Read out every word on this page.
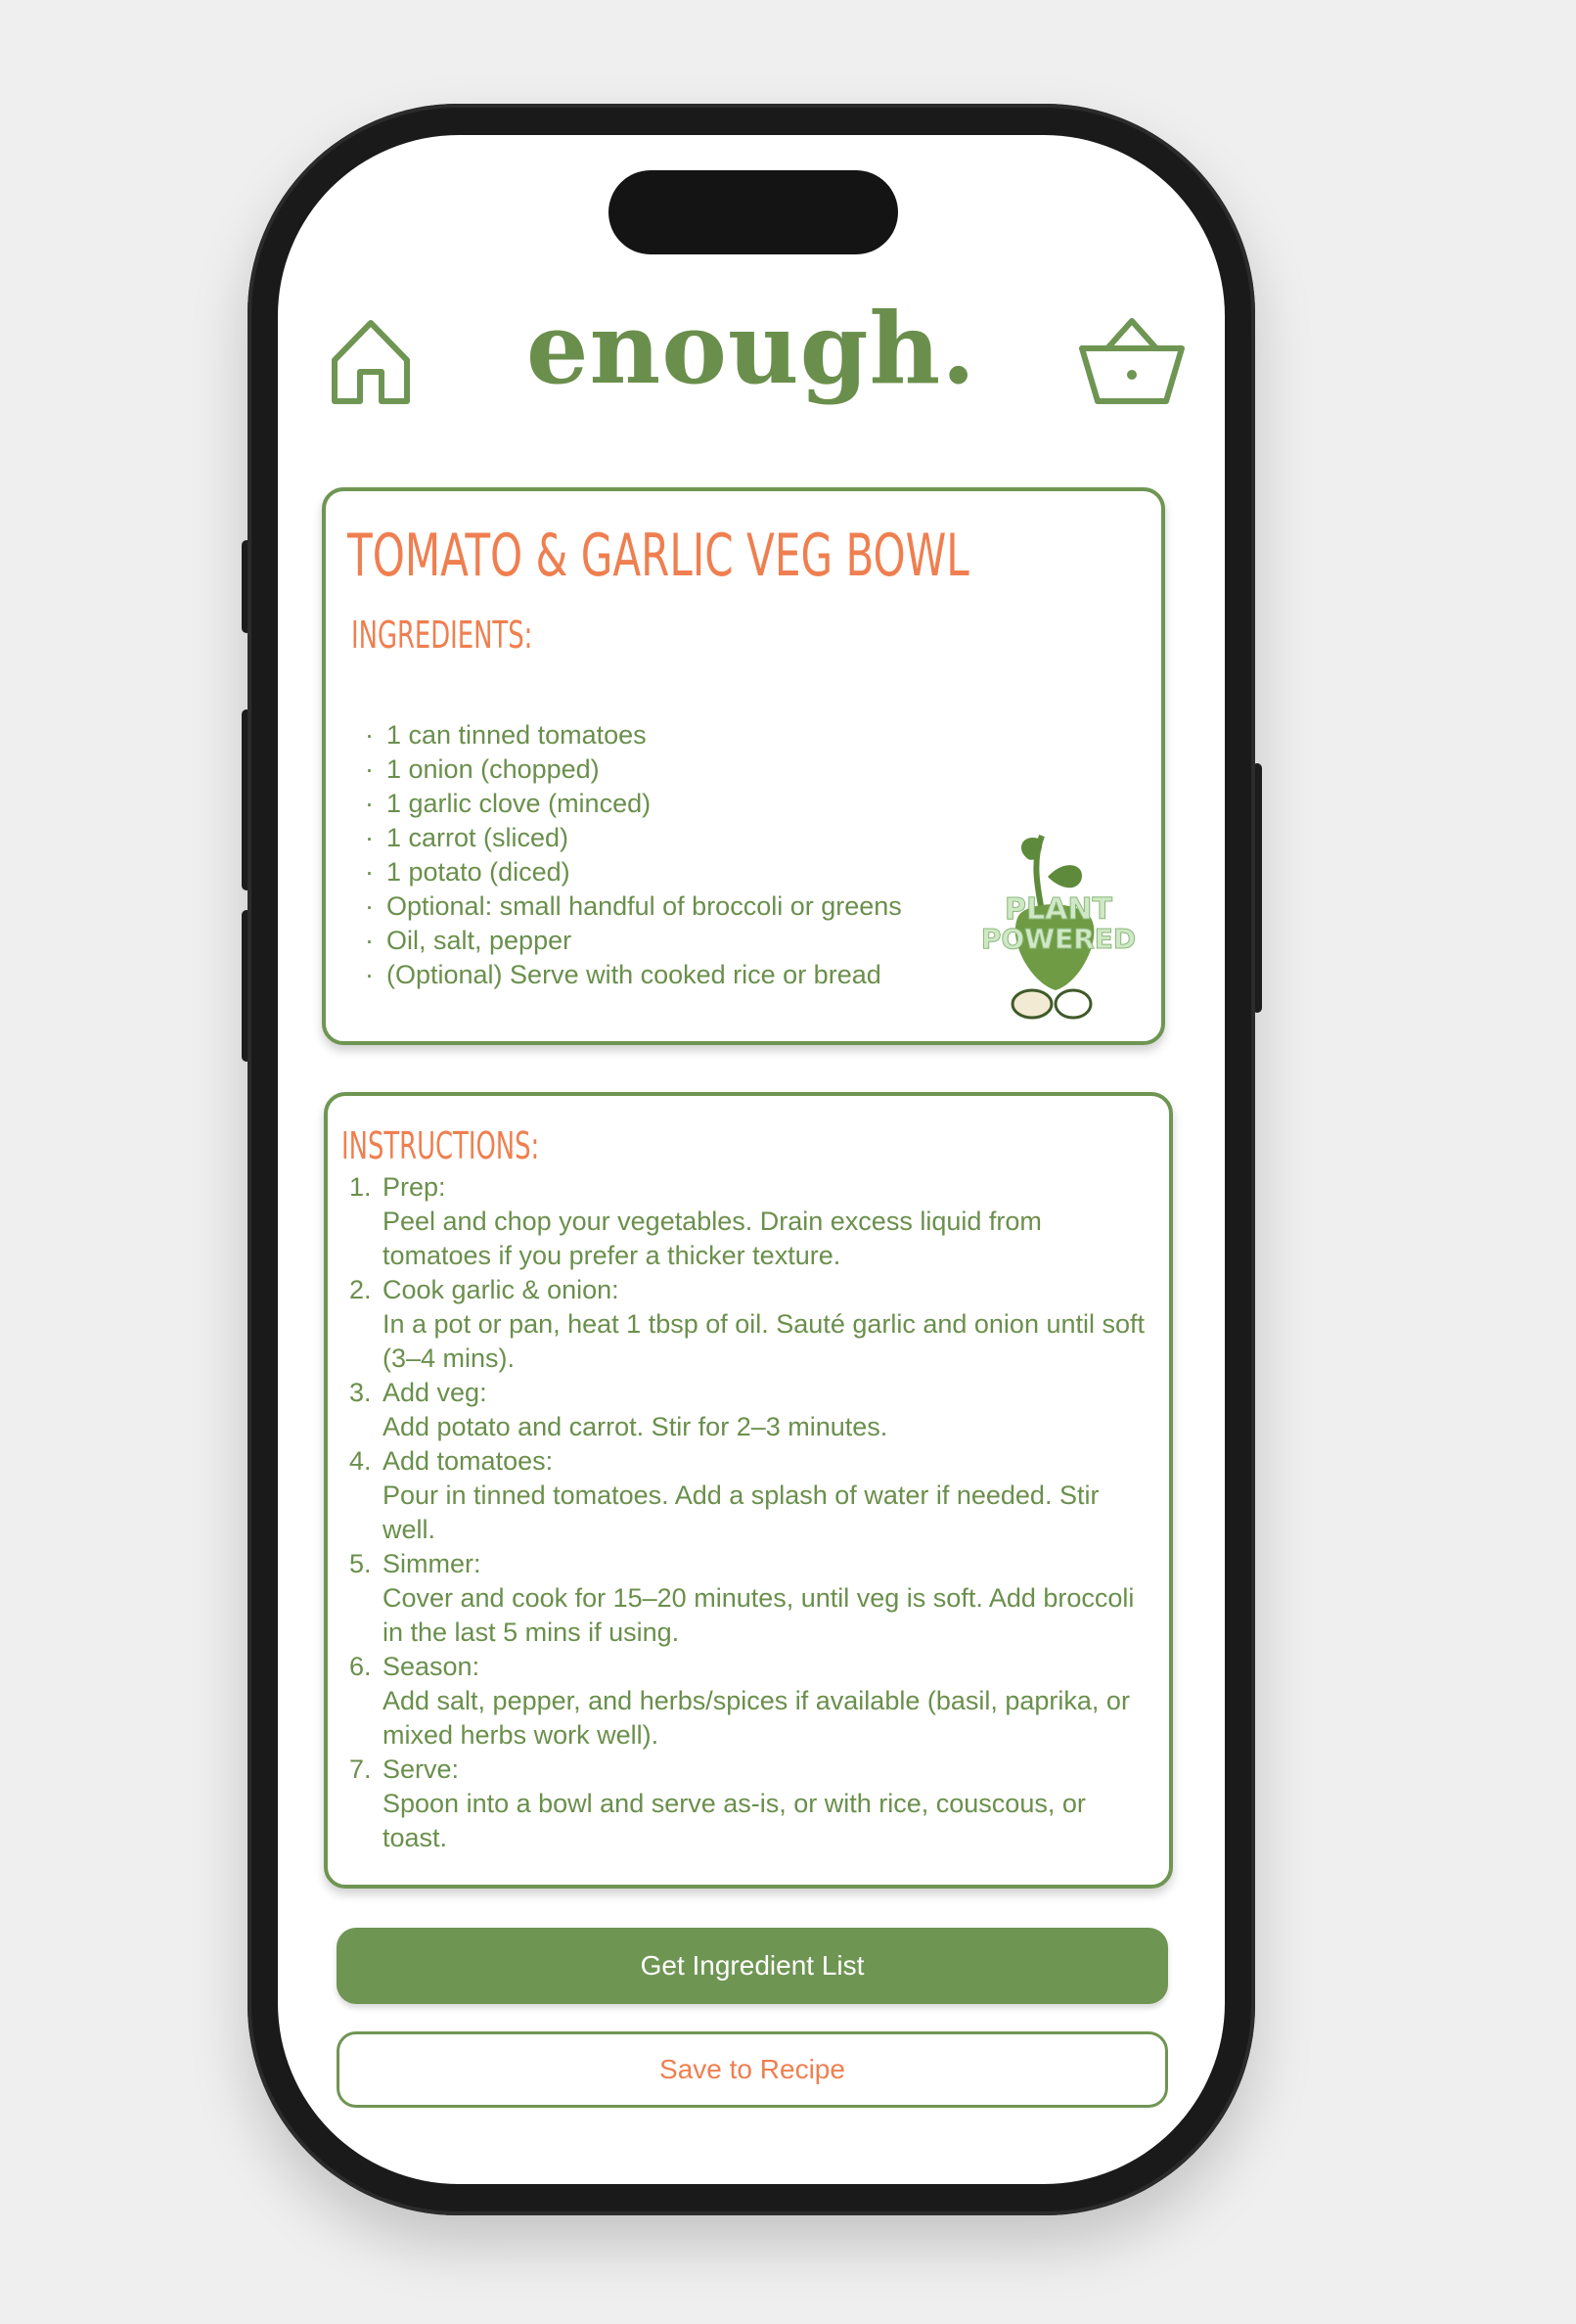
enough.
TOMATO & GARLIC VEG BOWL
INGREDIENTS:
· 1 can tinned tomatoes
· 1 onion (chopped)
· 1 garlic clove (minced)
· 1 carrot (sliced)
· 1 potato (diced)
· Optional: small handful of broccoli or greens
· Oil, salt, pepper
· (Optional) Serve with cooked rice or bread
PLANT
POWERED
INSTRUCTIONS:
1. Prep:
Peel and chop your vegetables. Drain excess liquid from tomatoes if you prefer a thicker texture.
2. Cook garlic & onion:
In a pot or pan, heat 1 tbsp of oil. Sauté garlic and onion until soft (3–4 mins).
3. Add veg:
Add potato and carrot. Stir for 2–3 minutes.
4. Add tomatoes:
Pour in tinned tomatoes. Add a splash of water if needed. Stir well.
5. Simmer:
Cover and cook for 15–20 minutes, until veg is soft. Add broccoli in the last 5 mins if using.
6. Season:
Add salt, pepper, and herbs/spices if available (basil, paprika, or mixed herbs work well).
7. Serve:
Spoon into a bowl and serve as-is, or with rice, couscous, or toast.
Get Ingredient List
Save to Recipe
